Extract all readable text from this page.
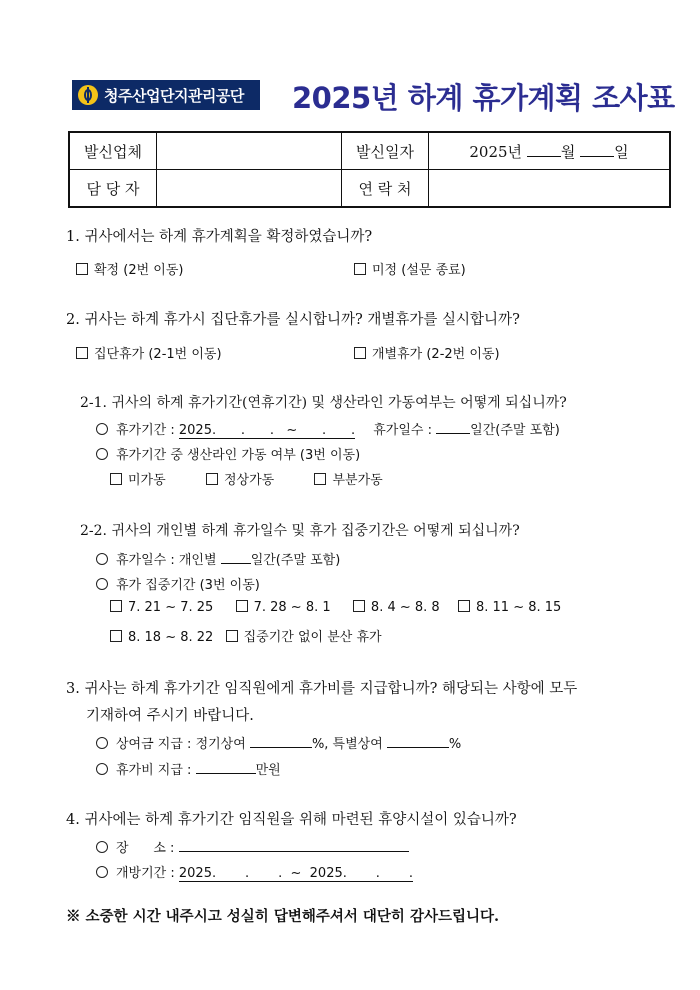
청주산업단지관리공단 2025년 하계 휴가계획 조사표
발신업체		발신일자	2025년 월 일
담 당 자		연 락 처	
1. 귀사에서는 하계 휴가계획을 확정하였습니까?
확정 (2번 이동)	미정 (설문 종료)
2. 귀사는 하계 휴가시 집단휴가를 실시합니까? 개별휴가를 실시합니까?
집단휴가 (2-1번 이동)	개별휴가 (2-2번 이동)
2-1. 귀사의 하계 휴가기간(연휴기간) 및 생산라인 가동여부는 어떻게 되십니까?
휴가기간 : 2025.      .      .   ~      .      . 휴가일수 :	일간(주말 포함)
휴가기간 중 생산라인 가동 여부 (3번 이동)
미가동	정상가동	부분가동
2-2. 귀사의 개인별 하계 휴가일수 및 휴가 집중기간은 어떻게 되십니까?
휴가일수 : 개인별 일간(주말 포함)
휴가 집중기간 (3번 이동)
7. 21 ~ 7. 25	7. 28 ~ 8. 1	8. 4 ~ 8. 8	8. 11 ~ 8. 15
8. 18 ~ 8. 22 집중기간 없이 분산 휴가
3. 귀사는 하계 휴가기간 임직원에게 휴가비를 지급합니까? 해당되는 사항에 모두
기재하여 주시기 바랍니다.
상여금 지급 : 정기상여	%, 특별상여	%
휴가비 지급 :	만원
4. 귀사에는 하계 휴가기간 임직원을 위해 마련된 휴양시설이 있습니까?
장      소 :
개방기간 : 2025.       .       .  ~  2025.       .       .
※ 소중한 시간 내주시고 성실히 답변해주셔서 대단히 감사드립니다.
